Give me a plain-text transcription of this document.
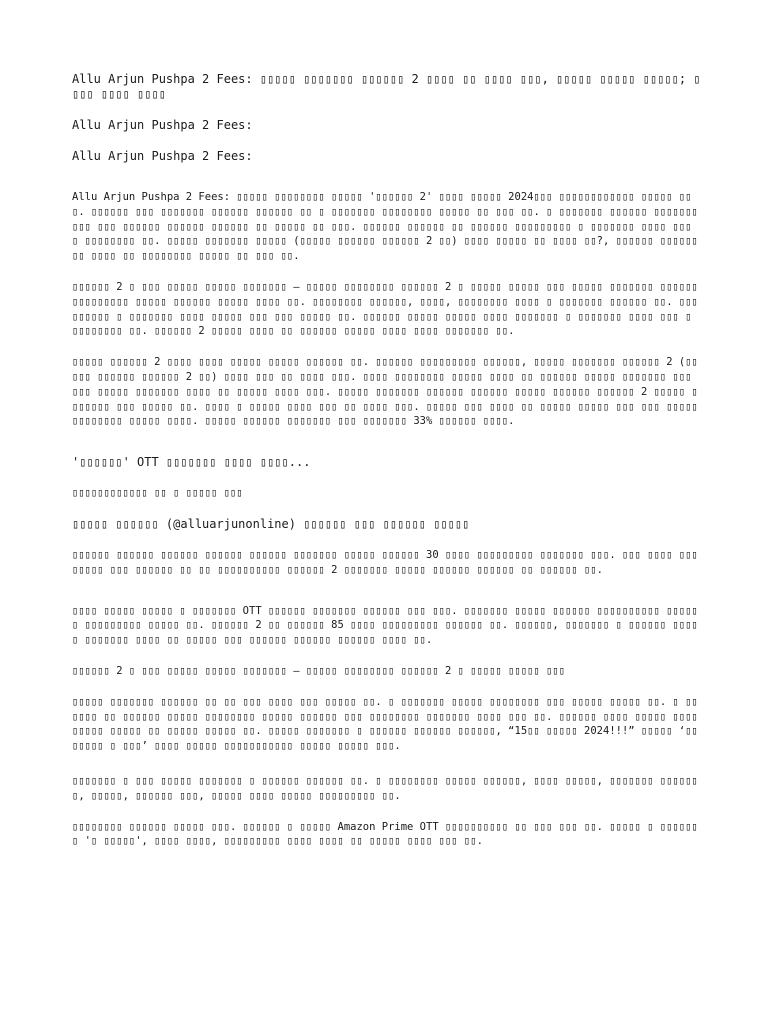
Allu Arjun Pushpa 2 Fees: ▯▯▯▯▯ ▯▯▯▯▯▯▯ ▯▯▯▯▯▯ 2 ▯▯▯▯ ▯▯ ▯▯▯▯ ▯▯▯, ▯▯▯▯▯ ▯▯▯▯▯ ▯▯▯▯▯; ▯▯▯▯ ▯▯▯▯ ▯▯▯▯

Allu Arjun Pushpa 2 Fees:

Allu Arjun Pushpa 2 Fees:

Allu Arjun Pushpa 2 Fees: ▯▯▯▯▯ ▯▯▯▯▯▯▯▯ ▯▯▯▯▯ '▯▯▯▯▯▯ 2' ▯▯▯▯ ▯▯▯▯▯ 2024▯▯▯ ▯▯▯▯▯▯▯▯▯▯▯▯ ▯▯▯▯▯ ▯▯▯. ▯▯▯▯▯▯ ▯▯▯ ▯▯▯▯▯▯▯ ▯▯▯▯▯▯ ▯▯▯▯▯▯ ▯▯ ▯ ▯▯▯▯▯▯▯ ▯▯▯▯▯▯▯▯ ▯▯▯▯▯ ▯▯ ▯▯▯ ▯▯. ▯ ▯▯▯▯▯▯▯ ▯▯▯▯▯▯ ▯▯▯▯▯▯▯▯▯▯ ▯▯▯ ▯▯▯▯▯▯ ▯▯▯▯▯▯ ▯▯▯▯▯▯ ▯▯ ▯▯▯▯▯ ▯▯ ▯▯▯. ▯▯▯▯▯▯ ▯▯▯▯▯▯ ▯▯ ▯▯▯▯▯▯ ▯▯▯▯▯▯▯▯▯ ▯ ▯▯▯▯▯▯▯ ▯▯▯▯ ▯▯▯ ▯ ▯▯▯▯▯▯▯▯ ▯▯. ▯▯▯▯▯ ▯▯▯▯▯▯▯ ▯▯▯▯▯ (▯▯▯▯▯ ▯▯▯▯▯▯ ▯▯▯▯▯▯ 2 ▯▯) ▯▯▯▯ ▯▯▯▯▯ ▯▯ ▯▯▯▯ ▯▯?, ▯▯▯▯▯▯ ▯▯▯▯▯▯ ▯▯ ▯▯▯▯ ▯▯ ▯▯▯▯▯▯▯▯ ▯▯▯▯▯ ▯▯ ▯▯▯ ▯▯.

▯▯▯▯▯▯ 2 ▯ ▯▯▯ ▯▯▯▯▯ ▯▯▯▯▯ ▯▯▯▯▯▯▯ – ▯▯▯▯▯ ▯▯▯▯▯▯▯▯ ▯▯▯▯▯▯ 2 ▯ ▯▯▯▯▯ ▯▯▯▯▯ ▯▯▯ ▯▯▯▯▯ ▯▯▯▯▯▯▯ ▯▯▯▯▯▯ ▯▯▯▯▯▯▯▯▯ ▯▯▯▯▯ ▯▯▯▯▯▯ ▯▯▯▯▯ ▯▯▯▯ ▯▯. ▯▯▯▯▯▯▯▯ ▯▯▯▯▯▯, ▯▯▯▯, ▯▯▯▯▯▯▯▯ ▯▯▯▯ ▯ ▯▯▯▯▯▯▯ ▯▯▯▯▯▯ ▯▯. ▯▯▯ ▯▯▯▯▯▯ ▯ ▯▯▯▯▯▯▯ ▯▯▯▯ ▯▯▯▯▯ ▯▯▯ ▯▯▯ ▯▯▯▯▯ ▯▯. ▯▯▯▯▯▯ ▯▯▯▯▯ ▯▯▯▯▯ ▯▯▯▯ ▯▯▯▯▯▯▯ ▯ ▯▯▯▯▯▯▯ ▯▯▯▯ ▯▯▯ ▯ ▯▯▯▯▯▯▯▯ ▯▯. ▯▯▯▯▯▯ 2 ▯▯▯▯▯ ▯▯▯▯ ▯▯ ▯▯▯▯▯▯ ▯▯▯▯▯ ▯▯▯▯ ▯▯▯▯ ▯▯▯▯▯▯▯ ▯▯.

▯▯▯▯▯ ▯▯▯▯▯▯ 2 ▯▯▯▯ ▯▯▯▯ ▯▯▯▯▯ ▯▯▯▯▯ ▯▯▯▯▯▯ ▯▯. ▯▯▯▯▯▯ ▯▯▯▯▯▯▯▯▯ ▯▯▯▯▯▯, ▯▯▯▯▯ ▯▯▯▯▯▯▯ ▯▯▯▯▯▯ 2 (▯▯▯▯▯ ▯▯▯▯▯▯ ▯▯▯▯▯▯ 2 ▯▯) ▯▯▯▯ ▯▯▯ ▯▯ ▯▯▯▯ ▯▯▯. ▯▯▯▯ ▯▯▯▯▯▯▯▯ ▯▯▯▯▯ ▯▯▯▯ ▯▯ ▯▯▯▯▯▯ ▯▯▯▯▯ ▯▯▯▯▯▯▯ ▯▯▯ ▯▯▯ ▯▯▯▯▯ ▯▯▯▯▯▯▯ ▯▯▯▯ ▯▯ ▯▯▯▯▯ ▯▯▯▯ ▯▯▯. ▯▯▯▯▯ ▯▯▯▯▯▯▯ ▯▯▯▯▯▯ ▯▯▯▯▯▯ ▯▯▯▯▯ ▯▯▯▯▯▯ ▯▯▯▯▯▯ 2 ▯▯▯▯▯ ▯▯▯▯▯▯▯ ▯▯▯ ▯▯▯▯▯ ▯▯. ▯▯▯▯ ▯ ▯▯▯▯▯ ▯▯▯▯ ▯▯▯ ▯▯ ▯▯▯▯ ▯▯▯. ▯▯▯▯▯ ▯▯▯ ▯▯▯▯ ▯▯ ▯▯▯▯▯ ▯▯▯▯▯ ▯▯▯ ▯▯▯ ▯▯▯▯▯ ▯▯▯▯▯▯▯▯ ▯▯▯▯▯ ▯▯▯▯. ▯▯▯▯▯ ▯▯▯▯▯▯ ▯▯▯▯▯▯▯ ▯▯▯ ▯▯▯▯▯▯▯ 33% ▯▯▯▯▯▯ ▯▯▯▯.

'▯▯▯▯▯▯' OTT ▯▯▯▯▯▯▯ ▯▯▯▯ ▯▯▯▯...

▯▯▯▯▯▯▯▯▯▯▯▯ ▯▯ ▯ ▯▯▯▯▯ ▯▯▯

▯▯▯▯▯ ▯▯▯▯▯▯ (@alluarjunonline) ▯▯▯▯▯▯ ▯▯▯ ▯▯▯▯▯▯ ▯▯▯▯▯

▯▯▯▯▯▯ ▯▯▯▯▯▯ ▯▯▯▯▯▯ ▯▯▯▯▯▯ ▯▯▯▯▯▯ ▯▯▯▯▯▯▯ ▯▯▯▯▯ ▯▯▯▯▯▯ 30 ▯▯▯▯ ▯▯▯▯▯▯▯▯▯ ▯▯▯▯▯▯▯ ▯▯▯. ▯▯▯ ▯▯▯▯ ▯▯▯▯▯▯▯▯ ▯▯▯ ▯▯▯▯▯▯ ▯▯ ▯▯ ▯▯▯▯▯▯▯▯▯▯ ▯▯▯▯▯▯ 2 ▯▯▯▯▯▯▯ ▯▯▯▯▯ ▯▯▯▯▯▯ ▯▯▯▯▯▯ ▯▯ ▯▯▯▯▯▯ ▯▯.

▯▯▯▯ ▯▯▯▯▯ ▯▯▯▯▯ ▯ ▯▯▯▯▯▯▯ OTT ▯▯▯▯▯▯ ▯▯▯▯▯▯▯ ▯▯▯▯▯▯ ▯▯▯ ▯▯▯. ▯▯▯▯▯▯▯ ▯▯▯▯▯ ▯▯▯▯▯▯ ▯▯▯▯▯▯▯▯▯▯ ▯▯▯▯▯▯ ▯▯▯▯▯▯▯▯▯ ▯▯▯▯▯ ▯▯. ▯▯▯▯▯▯ 2 ▯▯ ▯▯▯▯▯▯ 85 ▯▯▯▯ ▯▯▯▯▯▯▯▯▯ ▯▯▯▯▯▯ ▯▯. ▯▯▯▯▯▯, ▯▯▯▯▯▯▯ ▯ ▯▯▯▯▯▯ ▯▯▯▯▯ ▯▯▯▯▯▯▯ ▯▯▯▯ ▯▯ ▯▯▯▯▯ ▯▯▯ ▯▯▯▯▯▯ ▯▯▯▯▯▯ ▯▯▯▯▯▯ ▯▯▯▯ ▯▯.

▯▯▯▯▯▯ 2 ▯ ▯▯▯ ▯▯▯▯▯ ▯▯▯▯▯ ▯▯▯▯▯▯▯ – ▯▯▯▯▯ ▯▯▯▯▯▯▯▯ ▯▯▯▯▯▯ 2 ▯ ▯▯▯▯▯ ▯▯▯▯▯ ▯▯▯

▯▯▯▯▯ ▯▯▯▯▯▯▯ ▯▯▯▯▯▯ ▯▯ ▯▯ ▯▯▯ ▯▯▯▯ ▯▯▯ ▯▯▯▯▯ ▯▯. ▯ ▯▯▯▯▯▯▯ ▯▯▯▯▯ ▯▯▯▯▯▯▯▯ ▯▯▯ ▯▯▯▯▯ ▯▯▯▯▯ ▯▯. ▯ ▯▯▯▯▯▯ ▯▯ ▯▯▯▯▯▯ ▯▯▯▯▯ ▯▯▯▯▯▯▯▯ ▯▯▯▯▯ ▯▯▯▯▯▯ ▯▯▯ ▯▯▯▯▯▯▯▯ ▯▯▯▯▯▯▯ ▯▯▯▯ ▯▯▯ ▯▯. ▯▯▯▯▯▯ ▯▯▯▯ ▯▯▯▯▯ ▯▯▯▯▯▯▯▯▯ ▯▯▯▯▯ ▯▯ ▯▯▯▯▯ ▯▯▯▯▯ ▯▯. ▯▯▯▯▯ ▯▯▯▯▯▯▯ ▯ ▯▯▯▯▯▯ ▯▯▯▯▯▯ ▯▯▯▯▯▯, “15▯▯ ▯▯▯▯▯ 2024!!!” ▯▯▯▯▯ ‘▯▯▯▯▯▯▯ ▯ ▯▯▯’ ▯▯▯▯ ▯▯▯▯▯ ▯▯▯▯▯▯▯▯▯▯▯ ▯▯▯▯▯ ▯▯▯▯▯ ▯▯▯.

▯▯▯▯▯▯▯ ▯ ▯▯▯ ▯▯▯▯▯ ▯▯▯▯▯▯▯ ▯ ▯▯▯▯▯▯ ▯▯▯▯▯▯ ▯▯. ▯ ▯▯▯▯▯▯▯▯ ▯▯▯▯▯ ▯▯▯▯▯▯, ▯▯▯▯ ▯▯▯▯▯, ▯▯▯▯▯▯▯ ▯▯▯▯▯▯▯, ▯▯▯▯▯, ▯▯▯▯▯▯ ▯▯▯, ▯▯▯▯▯ ▯▯▯▯ ▯▯▯▯▯ ▯▯▯▯▯▯▯▯▯ ▯▯.

▯▯▯▯▯▯▯▯ ▯▯▯▯▯▯ ▯▯▯▯▯ ▯▯▯. ▯▯▯▯▯▯ ▯ ▯▯▯▯▯ Amazon Prime OTT ▯▯▯▯▯▯▯▯▯▯ ▯▯ ▯▯▯ ▯▯▯ ▯▯. ▯▯▯▯▯ ▯ ▯▯▯▯▯▯▯ '▯ ▯▯▯▯▯', ▯▯▯▯ ▯▯▯▯, ▯▯▯▯▯▯▯▯▯ ▯▯▯▯ ▯▯▯▯ ▯▯ ▯▯▯▯▯ ▯▯▯▯ ▯▯▯ ▯▯.
